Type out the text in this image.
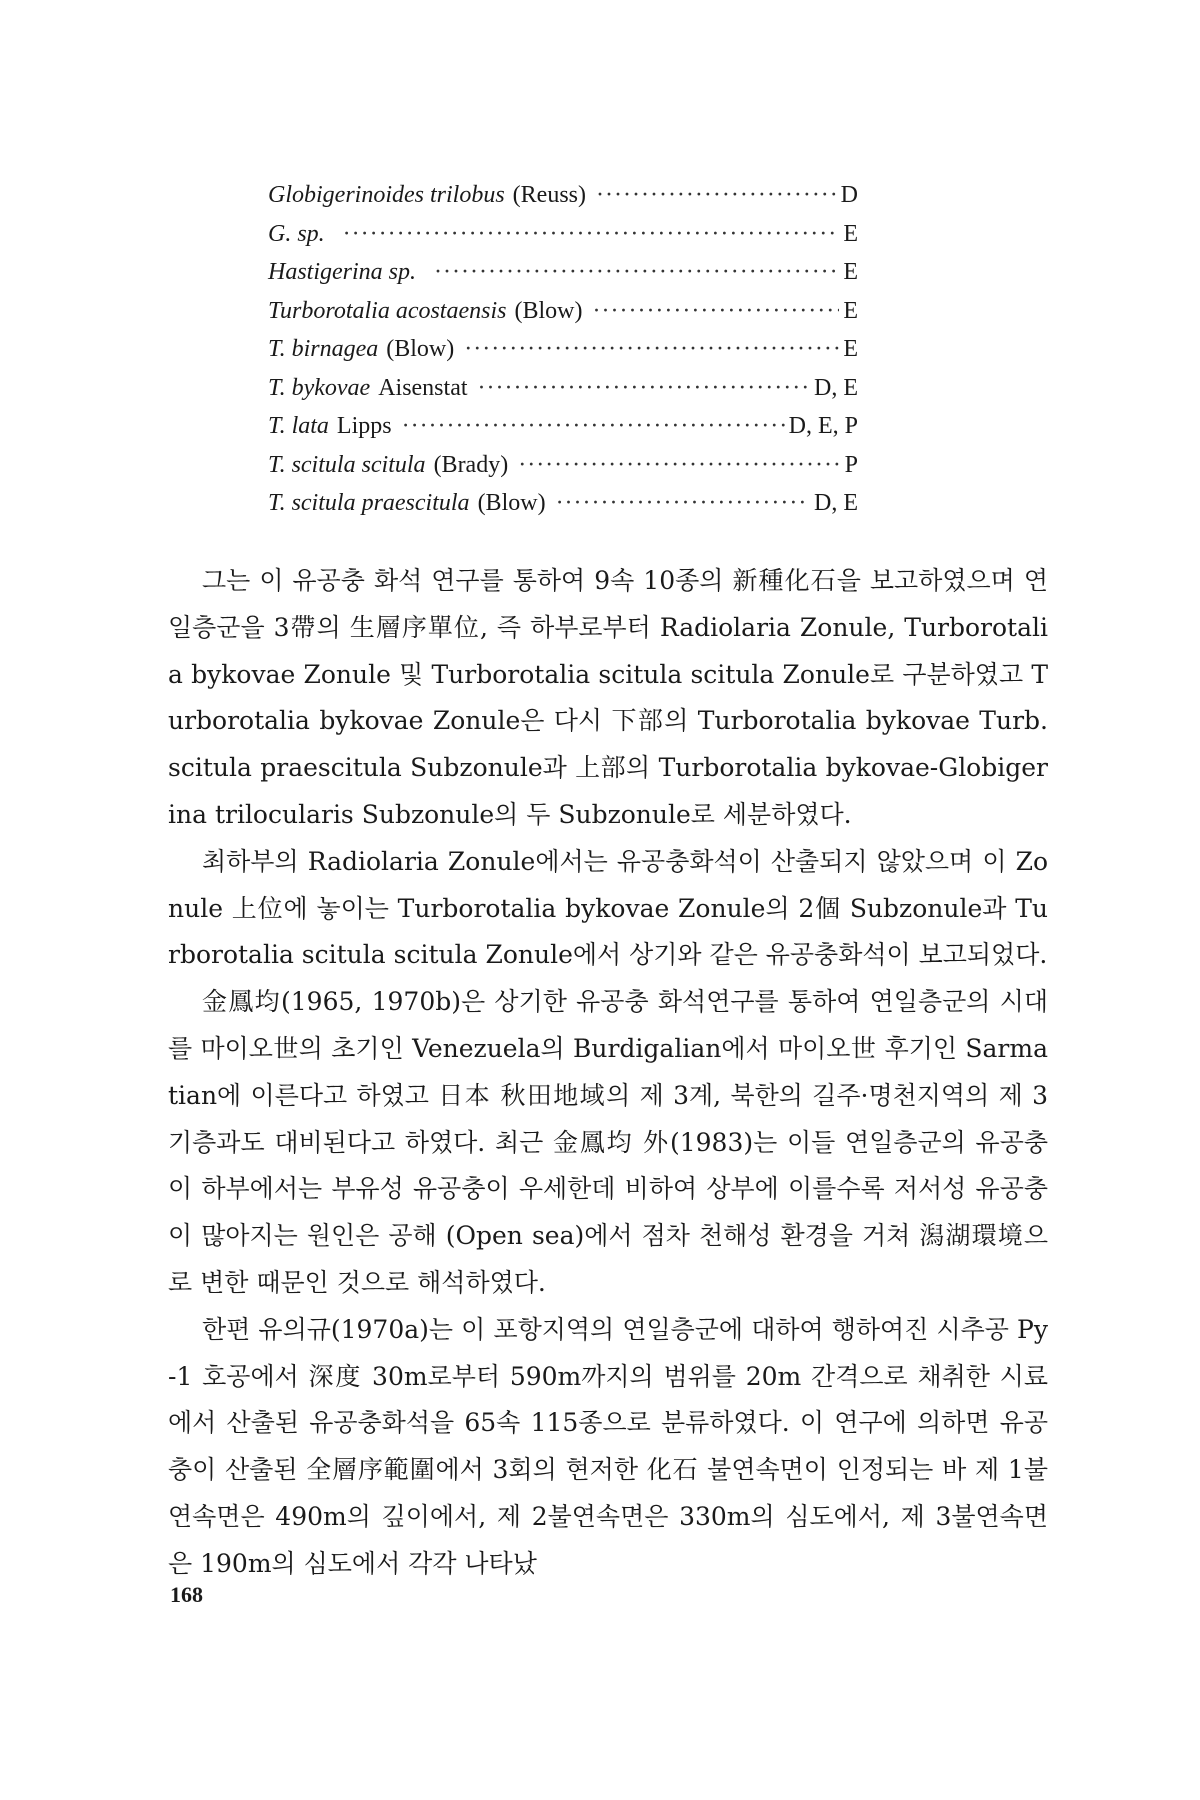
Globigerinoides trilobus (Reuss) ·····	D
G. sp. ·····	E
Hastigerina sp. ·····	E
Turborotalia acostaensis (Blow) ·····	E
T. birnagea (Blow) ·····	E
T. bykovae Aisenstat ·····	D, E
T. lata Lipps ·····	D, E, P
T. scitula scitula (Brady) ·····	P
T. scitula praescitula (Blow) ·····	D, E

그는 이 유공충 화석 연구를 통하여 9속 10종의 新種化石을 보고하였으며 연일층군을 3帶의 生層序單位, 즉 하부로부터 Radiolaria Zonule, Turborotalia bykovae Zonule 및 Turborotalia scitula scitula Zonule로 구분하였고 Turborotalia bykovae Zonule은 다시 下部의 Turborotalia bykovae Turb. scitula praescitula Subzonule과 上部의 Turborotalia bykovae-Globigerina trilocularis Subzonule의 두 Subzonule로 세분하였다.

최하부의 Radiolaria Zonule에서는 유공충화석이 산출되지 않았으며 이 Zonule 上位에 놓이는 Turborotalia bykovae Zonule의 2個 Subzonule과 Turborotalia scitula scitula Zonule에서 상기와 같은 유공충화석이 보고되었다.

金鳳均(1965, 1970b)은 상기한 유공충 화석연구를 통하여 연일층군의 시대를 마이오世의 초기인 Venezuela의 Burdigalian에서 마이오世 후기인 Sarmatian에 이른다고 하였고 日本 秋田地域의 제 3계, 북한의 길주·명천지역의 제 3기층과도 대비된다고 하였다. 최근 金鳳均 外(1983)는 이들 연일층군의 유공충이 하부에서는 부유성 유공충이 우세한데 비하여 상부에 이를수록 저서성 유공충이 많아지는 원인은 공해 (Open sea)에서 점차 천해성 환경을 거쳐 潟湖環境으로 변한 때문인 것으로 해석하였다.

한편 유의규(1970a)는 이 포항지역의 연일층군에 대하여 행하여진 시추공 Py-1 호공에서 深度 30m로부터 590m까지의 범위를 20m 간격으로 채취한 시료에서 산출된 유공충화석을 65속 115종으로 분류하였다. 이 연구에 의하면 유공충이 산출된 全層序範圍에서 3회의 현저한 化石 불연속면이 인정되는 바 제 1불연속면은 490m의 깊이에서, 제 2불연속면은 330m의 심도에서, 제 3불연속면은 190m의 심도에서 각각 나타났

168
